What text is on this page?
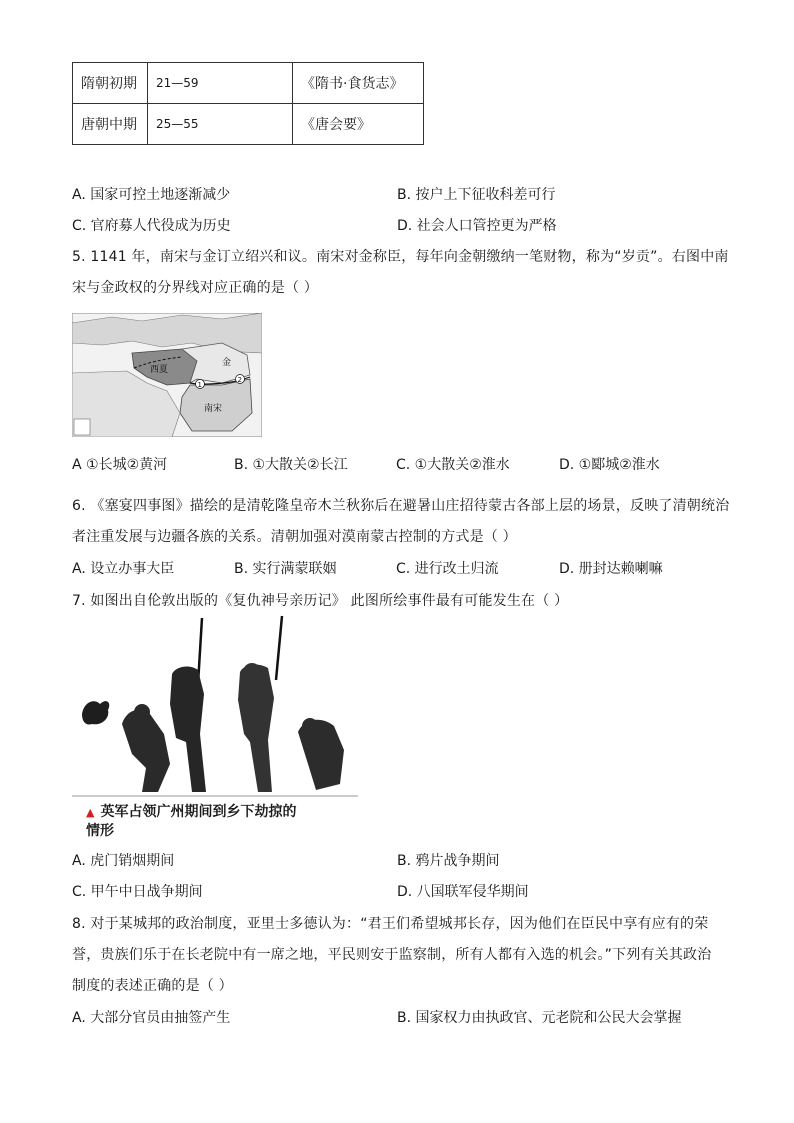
隋朝初期	21—59	《隋书·食货志》
唐朝中期	25—55	《唐会要》
A. 国家可控土地逐渐减少	B. 按户上下征收科差可行
C. 官府募人代役成为历史	D. 社会人口管控更为严格
5. 1141 年，南宋与金订立绍兴和议。南宋对金称臣，每年向金朝缴纳一笔财物，称为“岁贡”。右图中南
宋与金政权的分界线对应正确的是（ ）
西夏
南宋
金
1
2
A ①长城②黄河	B. ①大散关②长江	C. ①大散关②淮水	D. ①郾城②淮水
6. 《塞宴四事图》描绘的是清乾隆皇帝木兰秋狝后在避暑山庄招待蒙古各部上层的场景，反映了清朝统治
者注重发展与边疆各族的关系。清朝加强对漠南蒙古控制的方式是（ ）
A. 设立办事大臣	B. 实行满蒙联姻	C. 进行改土归流	D. 册封达赖喇嘛
7. 如图出自伦敦出版的《复仇神号亲历记》 此图所绘事件最有可能发生在（ ）
▲ 英军占领广州期间到乡下劫掠的
情形
A. 虎门销烟期间	B. 鸦片战争期间
C. 甲午中日战争期间	D. 八国联军侵华期间
8. 对于某城邦的政治制度，亚里士多德认为：“君王们希望城邦长存，因为他们在臣民中享有应有的荣
誉，贵族们乐于在长老院中有一席之地，平民则安于监察制，所有人都有入选的机会。”下列有关其政治
制度的表述正确的是（ ）
A. 大部分官员由抽签产生	B. 国家权力由执政官、元老院和公民大会掌握
